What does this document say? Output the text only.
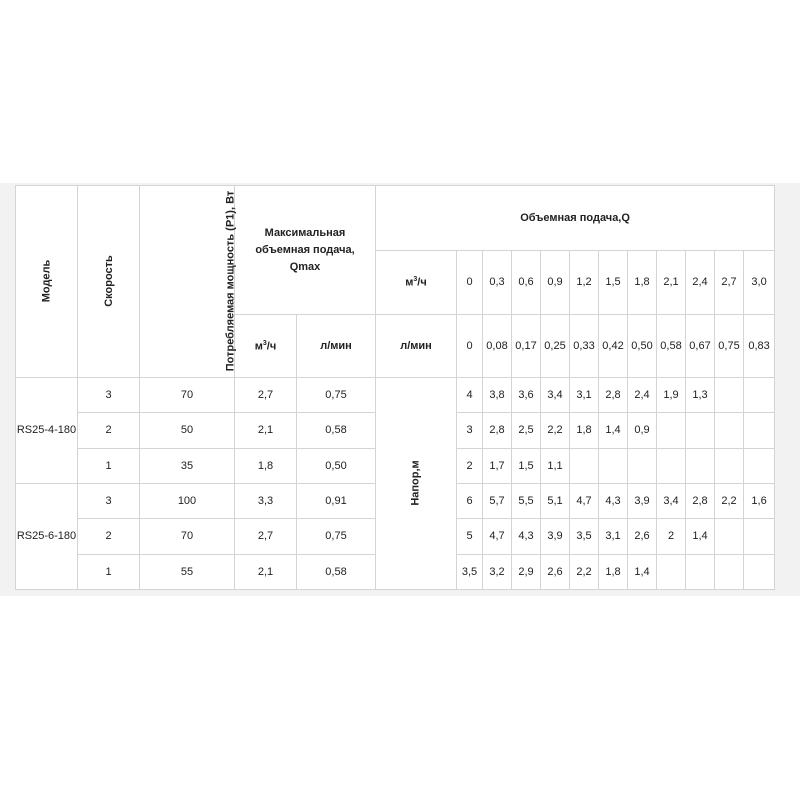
Модель	Скорость	Потребляемая мощность (P1), Вт	Максимальная объемная подача, Qmax		Объемная подача,Q											
					$м^3/ч$	0	0,3	0,6	0,9	1,2	1,5	1,8	2,1	2,4	2,7	3,0
			$м^3/ч$	л/мин	л/мин	0	0,08	0,17	0,25	0,33	0,42	0,50	0,58	0,67	0,75	0,83
RS25-4-180	3	70	2,7	0,75	Напор,м	4	3,8	3,6	3,4	3,1	2,8	2,4	1,9	1,3		
	2	50	2,1	0,58		3	2,8	2,5	2,2	1,8	1,4	0,9				
	1	35	1,8	0,50		2	1,7	1,5	1,1							
RS25-6-180	3	100	3,3	0,91		6	5,7	5,5	5,1	4,7	4,3	3,9	3,4	2,8	2,2	1,6
	2	70	2,7	0,75		5	4,7	4,3	3,9	3,5	3,1	2,6	2	1,4		
	1	55	2,1	0,58		3,5	3,2	2,9	2,6	2,2	1,8	1,4				
